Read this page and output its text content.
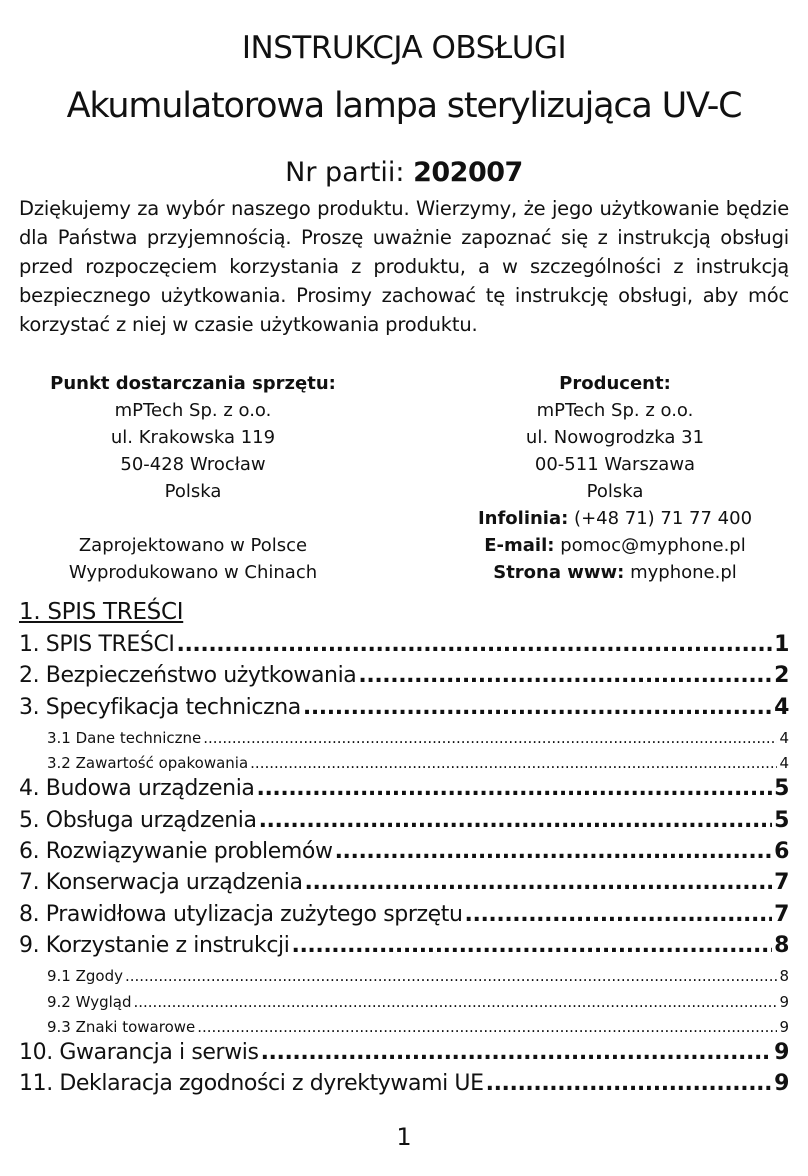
INSTRUKCJA OBSŁUGI
Akumulatorowa lampa sterylizująca UV-C
Nr partii: 202007
Dziękujemy za wybór naszego produktu. Wierzymy, że jego użytkowanie będzie dla Państwa przyjemnością. Proszę uważnie zapoznać się z instrukcją obsługi przed rozpoczęciem korzystania z produktu, a w szczególności z instrukcją bezpiecznego użytkowania. Prosimy zachować tę instrukcję obsługi, aby móc korzystać z niej w czasie użytkowania produktu.
Punkt dostarczania sprzętu:
mPTech Sp. z o.o.
ul. Krakowska 119
50-428 Wrocław
Polska
Zaprojektowano w Polsce
Wyprodukowano w Chinach
Producent:
mPTech Sp. z o.o.
ul. Nowogrodzka 31
00-511 Warszawa
Polska
Infolinia: (+48 71) 71 77 400
E-mail: pomoc@myphone.pl
Strona www: myphone.pl
1. SPIS TREŚCI
1. SPIS TREŚCI .....	1
2. Bezpieczeństwo użytkowania .....	2
3. Specyfikacja techniczna .....	4
3.1 Dane techniczne .....	4
3.2 Zawartość opakowania .....	4
4. Budowa urządzenia .....	5
5. Obsługa urządzenia .....	5
6. Rozwiązywanie problemów .....	6
7. Konserwacja urządzenia .....	7
8. Prawidłowa utylizacja zużytego sprzętu .....	7
9. Korzystanie z instrukcji .....	8
9.1 Zgody .....	8
9.2 Wygląd .....	9
9.3 Znaki towarowe .....	9
10. Gwarancja i serwis .....	9
11. Deklaracja zgodności z dyrektywami UE .....	9
1
